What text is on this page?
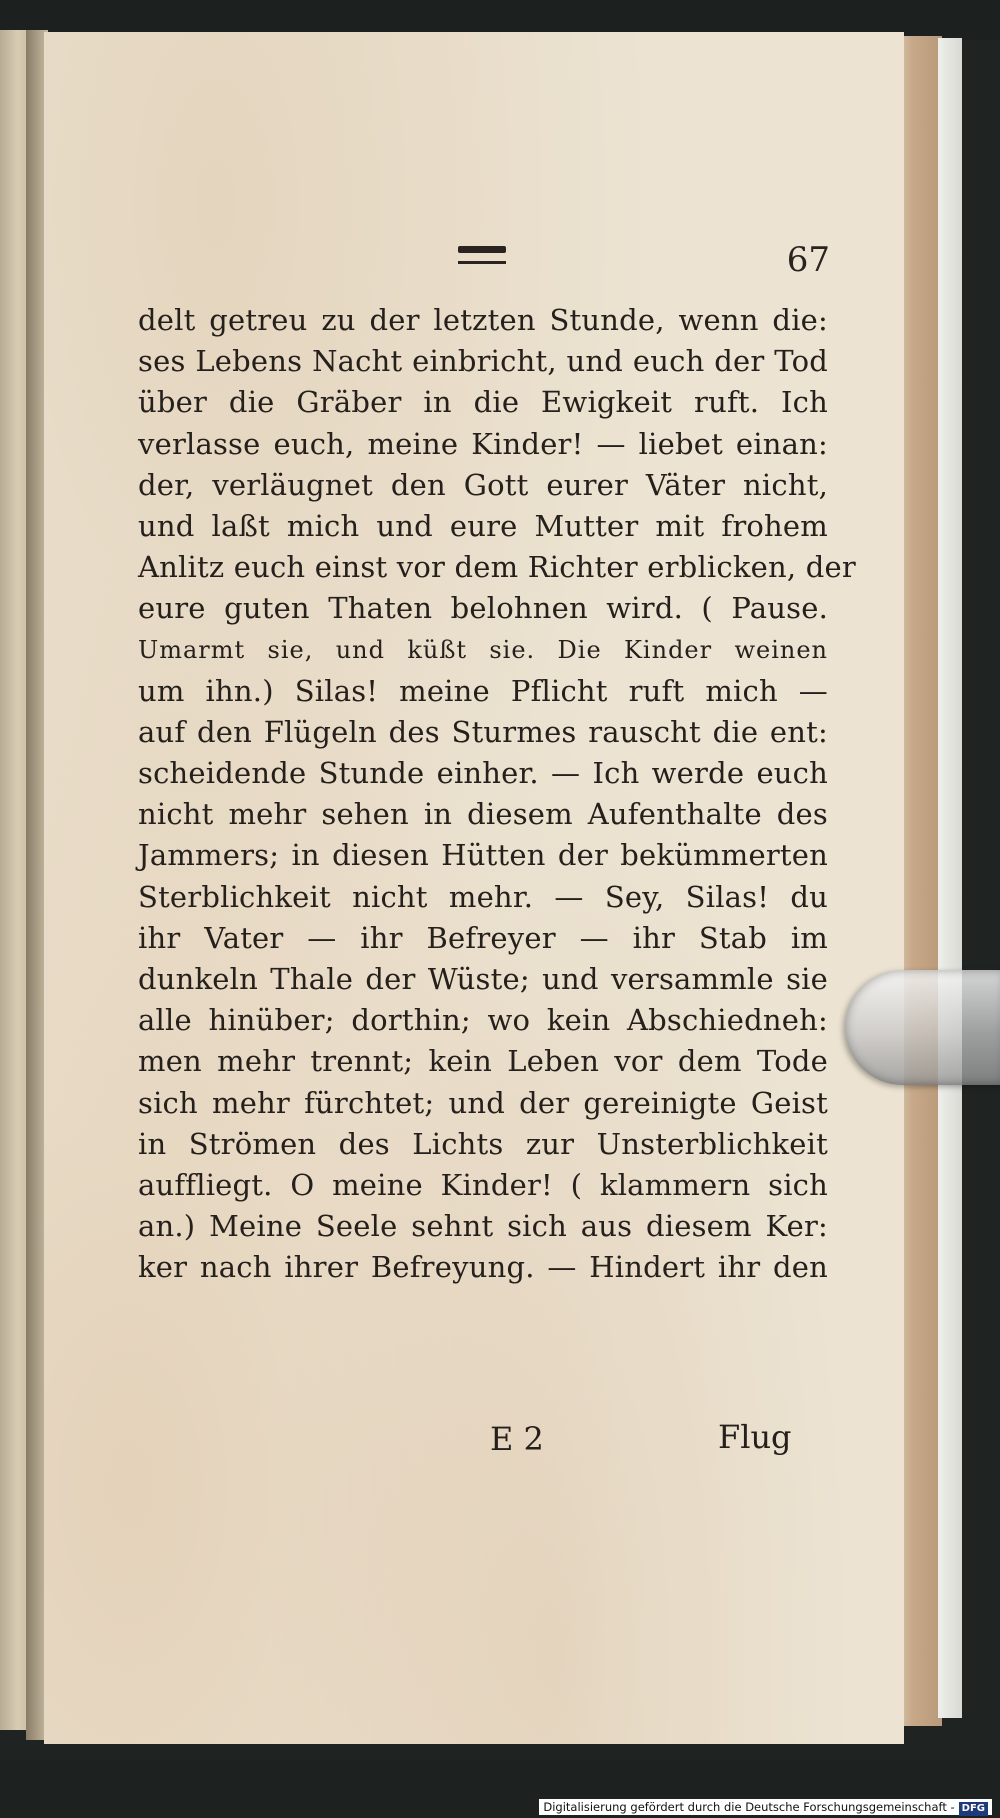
67
delt getreu zu der letzten Stunde, wenn die:
ses Lebens Nacht einbricht, und euch der Tod
über die Gräber in die Ewigkeit ruft. Ich
verlasse euch, meine Kinder! — liebet einan:
der, verläugnet den Gott eurer Väter nicht,
und laßt mich und eure Mutter mit frohem
Anlitz euch einst vor dem Richter erblicken, der
eure guten Thaten belohnen wird. ( Pause.
Umarmt sie, und küßt sie. Die Kinder weinen
um ihn.) Silas! meine Pflicht ruft mich —
auf den Flügeln des Sturmes rauscht die ent:
scheidende Stunde einher. — Ich werde euch
nicht mehr sehen in diesem Aufenthalte des
Jammers; in diesen Hütten der bekümmerten
Sterblichkeit nicht mehr. — Sey, Silas! du
ihr Vater — ihr Befreyer — ihr Stab im
dunkeln Thale der Wüste; und versammle sie
alle hinüber; dorthin; wo kein Abschiedneh:
men mehr trennt; kein Leben vor dem Tode
sich mehr fürchtet; und der gereinigte Geist
in Strömen des Lichts zur Unsterblichkeit
auffliegt. O meine Kinder! ( klammern sich
an.) Meine Seele sehnt sich aus diesem Ker:
ker nach ihrer Befreyung. — Hindert ihr den
E 2	Flug
Digitalisierung gefördert durch die Deutsche Forschungsgemeinschaft - DFG
